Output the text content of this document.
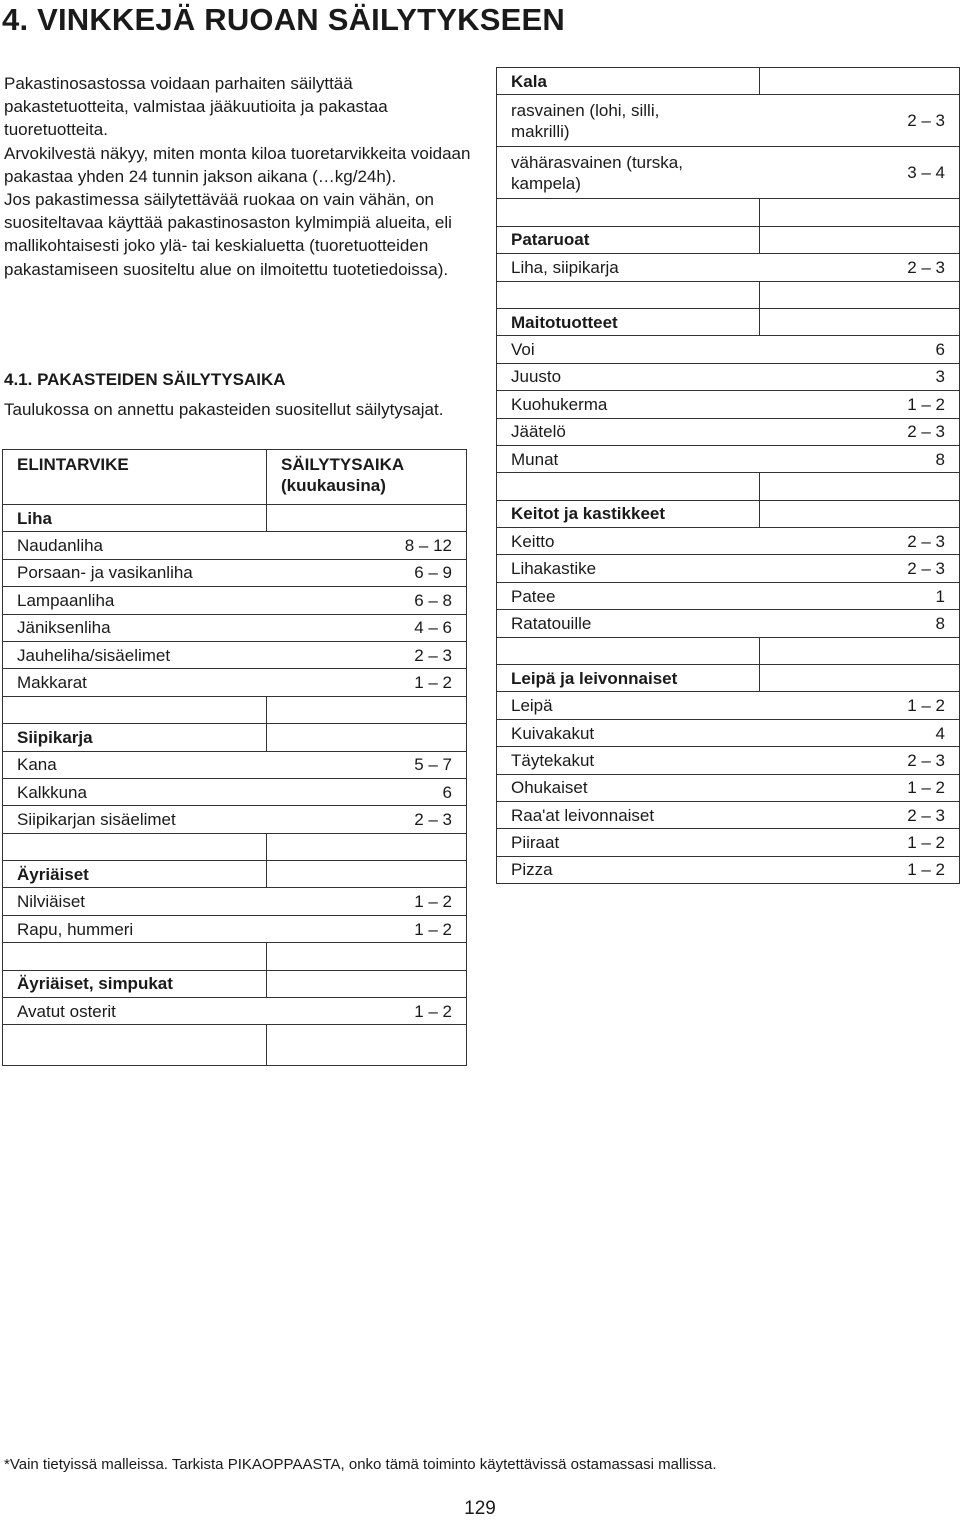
4. VINKKEJÄ RUOAN SÄILYTYKSEEN

Pakastinosastossa voidaan parhaiten säilyttää pakastetuotteita, valmistaa jääkuutioita ja pakastaa tuoretuotteita.

Arvokilvestä näkyy, miten monta kiloa tuoretarvikkeita voidaan pakastaa yhden 24 tunnin jakson aikana (…kg/24h).

Jos pakastimessa säilytettävää ruokaa on vain vähän, on suositeltavaa käyttää pakastinosaston kylmimpiä alueita, eli mallikohtaisesti joko ylä- tai keskialuetta (tuoretuotteiden pakastamiseen suositeltu alue on ilmoitettu tuotetiedoissa).

4.1. PAKASTEIDEN SÄILYTYSAIKA
Taulukossa on annettu pakasteiden suositellut säilytysajat.
ELINTARVIKE	SÄILYTYSAIKA (kuukausina)
Liha	
Naudanliha	8 – 12
Porsaan- ja vasikanliha	6 – 9
Lampaanliha	6 – 8
Jäniksenliha	4 – 6
Jauheliha/sisäelimet	2 – 3
Makkarat	1 – 2

Siipikarja	
Kana	5 – 7
Kalkkuna	6
Siipikarjan sisäelimet	2 – 3

Äyriäiset	
Nilviäiset	1 – 2
Rapu, hummeri	1 – 2

Äyriäiset, simpukat	
Avatut osterit	1 – 2

Kala	
rasvainen (lohi, silli, makrilli)	2 – 3
vähärasvainen (turska, kampela)	3 – 4

Pataruoat	
Liha, siipikarja	2 – 3

Maitotuotteet	
Voi	6
Juusto	3
Kuohukerma	1 – 2
Jäätelö	2 – 3
Munat	8

Keitot ja kastikkeet	
Keitto	2 – 3
Lihakastike	2 – 3
Patee	1
Ratatouille	8

Leipä ja leivonnaiset	
Leipä	1 – 2
Kuivakakut	4
Täytekakut	2 – 3
Ohukaiset	1 – 2
Raa'at leivonnaiset	2 – 3
Piiraat	1 – 2
Pizza	1 – 2
*Vain tietyissä malleissa. Tarkista PIKAOPPAASTA, onko tämä toiminto käytettävissä ostamassasi mallissa.
129
